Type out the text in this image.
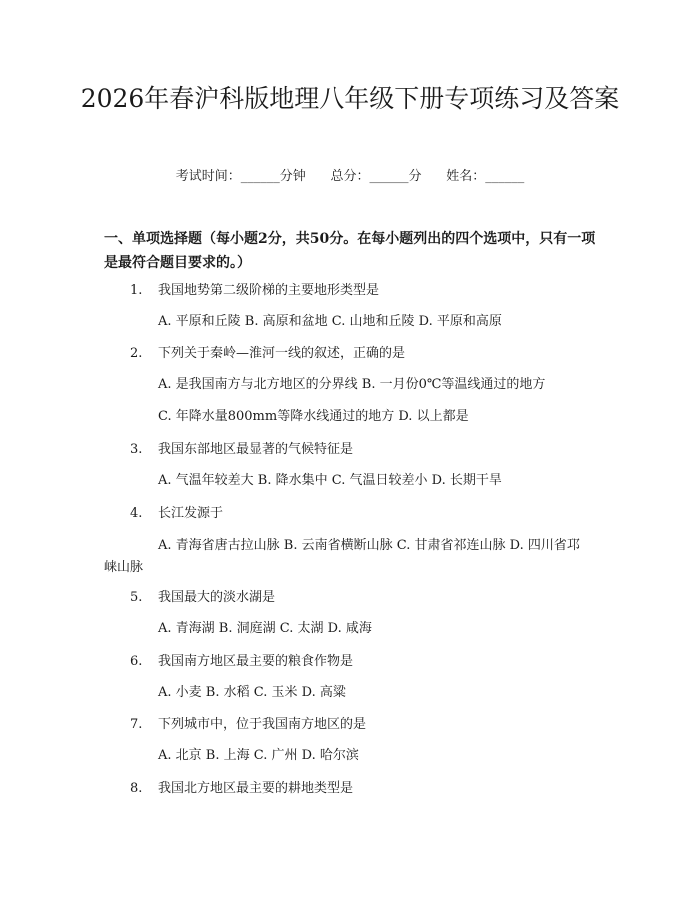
2026年春沪科版地理八年级下册专项练习及答案
考试时间：______分钟      总分：______分      姓名：______
一、单项选择题（每小题2分，共50分。在每小题列出的四个选项中，只有一项是最符合题目要求的。）
1. 我国地势第二级阶梯的主要地形类型是
A. 平原和丘陵 B. 高原和盆地 C. 山地和丘陵 D. 平原和高原
2. 下列关于秦岭—淮河一线的叙述，正确的是
A. 是我国南方与北方地区的分界线 B. 一月份0℃等温线通过的地方
C. 年降水量800mm等降水线通过的地方 D. 以上都是
3. 我国东部地区最显著的气候特征是
A. 气温年较差大 B. 降水集中 C. 气温日较差小 D. 长期干旱
4. 长江发源于
A. 青海省唐古拉山脉 B. 云南省横断山脉 C. 甘肃省祁连山脉 D. 四川省邛崃山脉
5. 我国最大的淡水湖是
A. 青海湖 B. 洞庭湖 C. 太湖 D. 咸海
6. 我国南方地区最主要的粮食作物是
A. 小麦 B. 水稻 C. 玉米 D. 高粱
7. 下列城市中，位于我国南方地区的是
A. 北京 B. 上海 C. 广州 D. 哈尔滨
8. 我国北方地区最主要的耕地类型是
